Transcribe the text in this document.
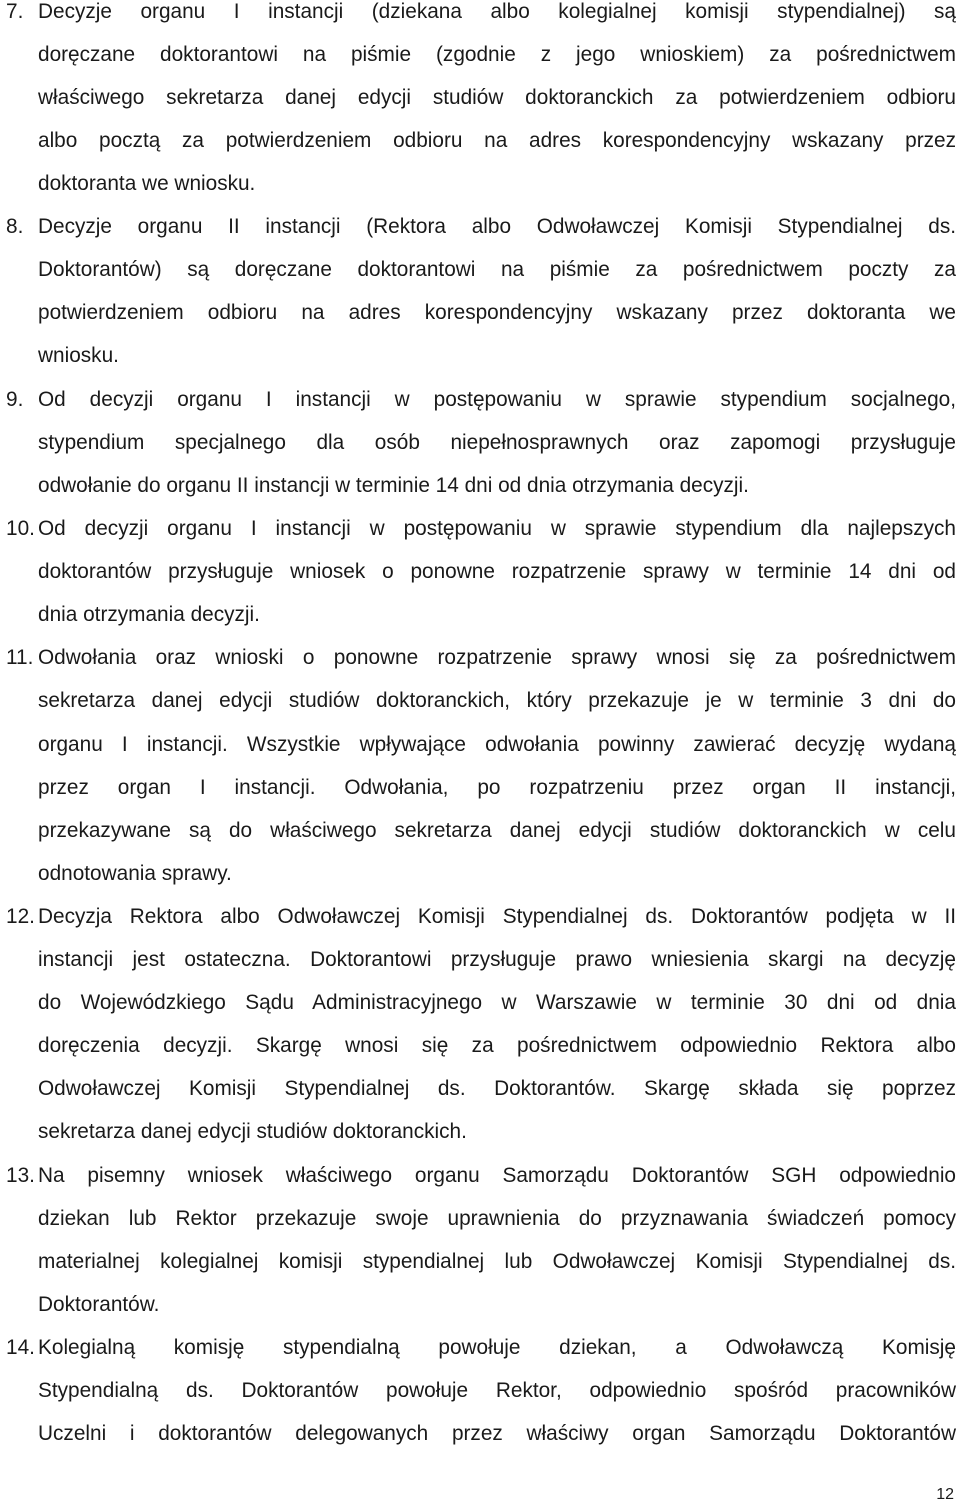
7. Decyzje organu I instancji (dziekana albo kolegialnej komisji stypendialnej) są
doręczane doktorantowi na piśmie (zgodnie z jego wnioskiem) za pośrednictwem
właściwego sekretarza danej edycji studiów doktoranckich za potwierdzeniem odbioru
albo pocztą za potwierdzeniem odbioru na adres korespondencyjny wskazany przez
doktoranta we wniosku.
8. Decyzje organu II instancji (Rektora albo Odwoławczej Komisji Stypendialnej ds.
Doktorantów) są doręczane doktorantowi na piśmie za pośrednictwem poczty za
potwierdzeniem odbioru na adres korespondencyjny wskazany przez doktoranta we
wniosku.
9. Od decyzji organu I instancji w postępowaniu w sprawie stypendium socjalnego,
stypendium specjalnego dla osób niepełnosprawnych oraz zapomogi przysługuje
odwołanie do organu II instancji w terminie 14 dni od dnia otrzymania decyzji.
10. Od decyzji organu I instancji w postępowaniu w sprawie stypendium dla najlepszych
doktorantów przysługuje wniosek o ponowne rozpatrzenie sprawy w terminie 14 dni od
dnia otrzymania decyzji.
11. Odwołania oraz wnioski o ponowne rozpatrzenie sprawy wnosi się za pośrednictwem
sekretarza danej edycji studiów doktoranckich, który przekazuje je w terminie 3 dni do
organu I instancji. Wszystkie wpływające odwołania powinny zawierać decyzję wydaną
przez organ I instancji. Odwołania, po rozpatrzeniu przez organ II instancji,
przekazywane są do właściwego sekretarza danej edycji studiów doktoranckich w celu
odnotowania sprawy.
12. Decyzja Rektora albo Odwoławczej Komisji Stypendialnej ds. Doktorantów podjęta w II
instancji jest ostateczna. Doktorantowi przysługuje prawo wniesienia skargi na decyzję
do Wojewódzkiego Sądu Administracyjnego w Warszawie w terminie 30 dni od dnia
doręczenia decyzji. Skargę wnosi się za pośrednictwem odpowiednio Rektora albo
Odwoławczej Komisji Stypendialnej ds. Doktorantów. Skargę składa się poprzez
sekretarza danej edycji studiów doktoranckich.
13. Na pisemny wniosek właściwego organu Samorządu Doktorantów SGH odpowiednio
dziekan lub Rektor przekazuje swoje uprawnienia do przyznawania świadczeń pomocy
materialnej kolegialnej komisji stypendialnej lub Odwoławczej Komisji Stypendialnej ds.
Doktorantów.
14. Kolegialną komisję stypendialną powołuje dziekan, a Odwoławczą Komisję
Stypendialną ds. Doktorantów powołuje Rektor, odpowiednio spośród pracowników
Uczelni i doktorantów delegowanych przez właściwy organ Samorządu Doktorantów
12
